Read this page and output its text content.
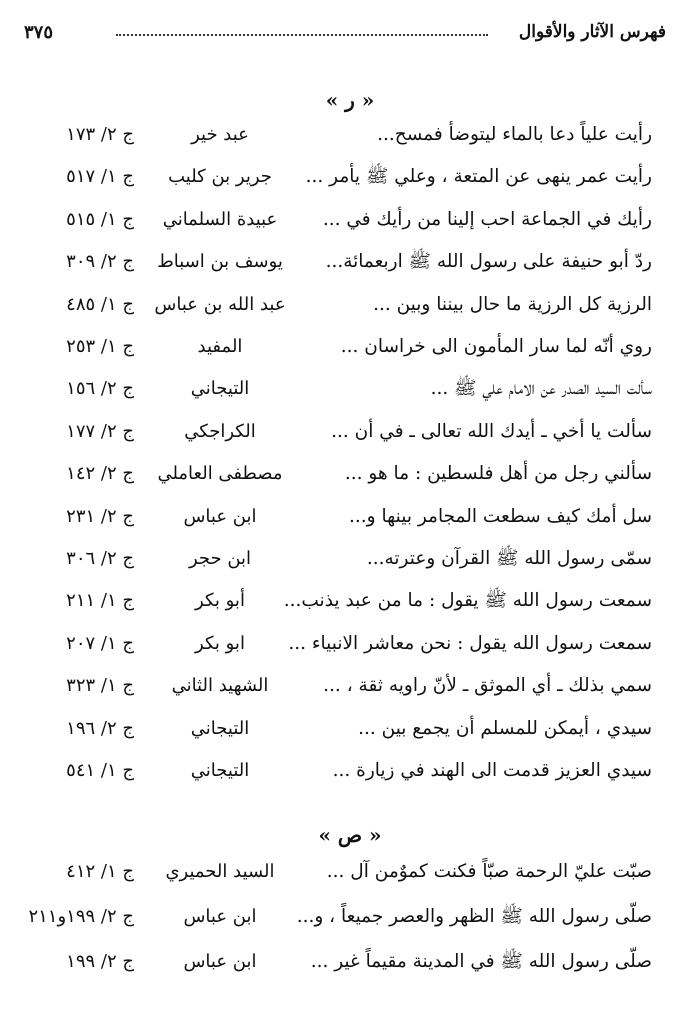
فهرس الآثار والأقوال
٣٧٥
« ر »
رأيت علياً دعا بالماء ليتوضأ فمسح...
عبد خير
ج ٢/ ١٧٣
رأيت عمر ينهى عن المتعة ، وعلي ﷺ يأمر ...
جرير بن كليب
ج ١/ ٥١٧
رأيك في الجماعة احب إلينا من رأيك في ...
عبيدة السلماني
ج ١/ ٥١٥
ردّ أبو حنيفة على رسول الله ﷺ اربعمائة...
يوسف بن اسباط
ج ٢/ ٣٠٩
الرزية كل الرزية ما حال بيننا وبين ...
عبد الله بن عباس
ج ١/ ٤٨٥
روي أنّه لما سار المأمون الى خراسان ...
المفيد
ج ١/ ٢٥٣
سألت السيد الصدر عن الامام علي ﷺ ...
التيجاني
ج ٢/ ١٥٦
سألت يا أخي ـ أيدك الله تعالى ـ في أن ...
الكراجكي
ج ٢/ ١٧٧
سألني رجل من أهل فلسطين : ما هو ...
مصطفى العاملي
ج ٢/ ١٤٢
سل أمك كيف سطعت المجامر بينها و...
ابن عباس
ج ٢/ ٢٣١
سمّى رسول الله ﷺ القرآن وعترته...
ابن حجر
ج ٢/ ٣٠٦
سمعت رسول الله ﷺ يقول : ما من عبد يذنب...
أبو بكر
ج ١/ ٢١١
سمعت رسول الله يقول : نحن معاشر الانبياء ...
ابو بكر
ج ١/ ٢٠٧
سمي بذلك ـ أي الموثق ـ لأنّ راويه ثقة ، ...
الشهيد الثاني
ج ١/ ٣٢٣
سيدي ، أيمكن للمسلم أن يجمع بين ...
التيجاني
ج ٢/ ١٩٦
سيدي العزيز قدمت الى الهند في زيارة ...
التيجاني
ج ١/ ٥٤١
« ص »
صبّت عليّ الرحمة صبّاً فكنت كموٌمن آل ...
السيد الحميري
ج ١/ ٤١٢
صلّى رسول الله ﷺ الظهر والعصر جميعاً ، و...
ابن عباس
ج ٢/ ١٩٩و٢١١
صلّى رسول الله ﷺ في المدينة مقيماً غير ...
ابن عباس
ج ٢/ ١٩٩
